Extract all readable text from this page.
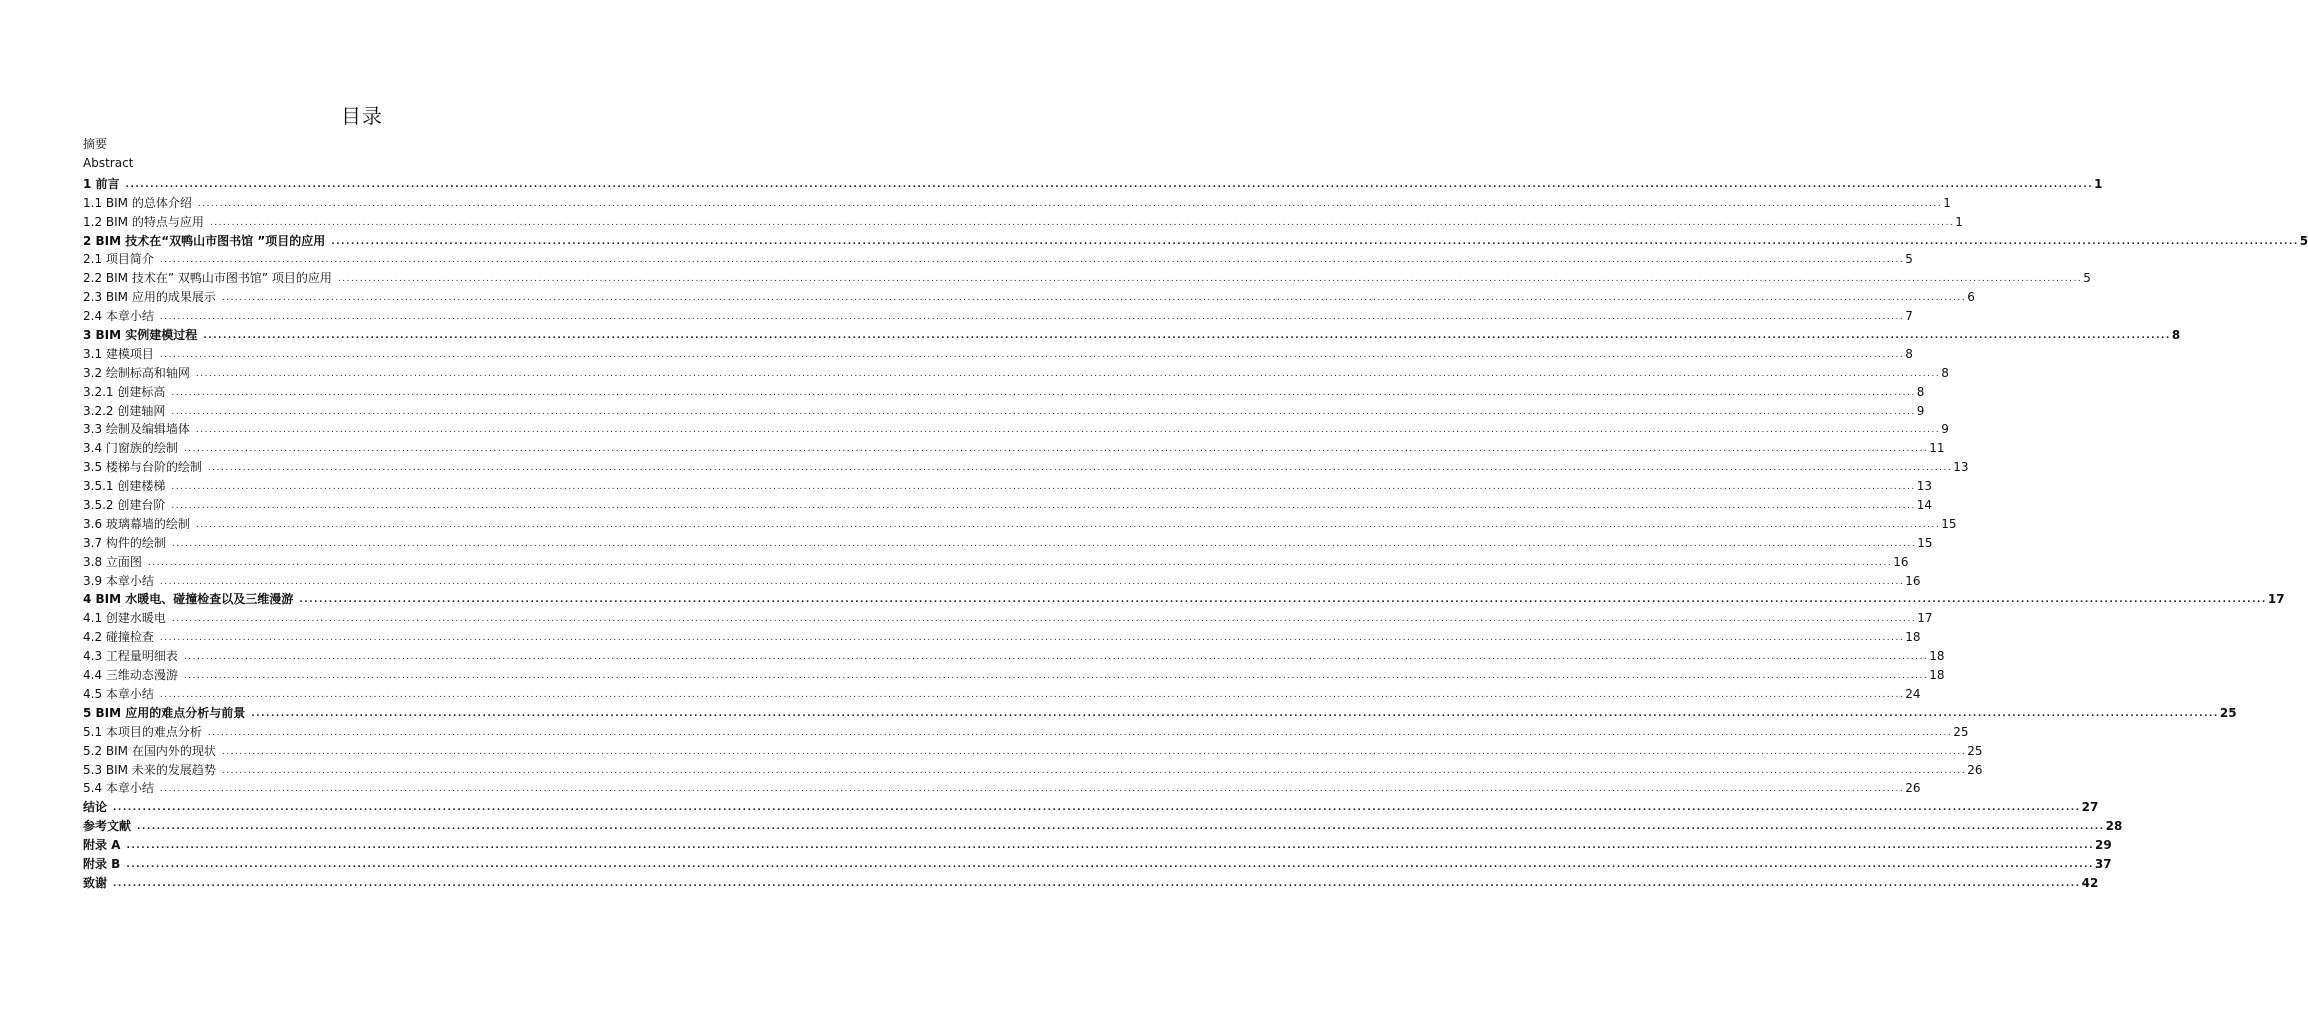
目录
摘要
Abstract
1 前言 ................................................................................................................................................................................................................................................................................................................................................................................................................ 1
1.1 BIM 的总体介绍 ................................................................................................................................................................................................................................................................................................................................................................................................................ 1
1.2 BIM 的特点与应用 ................................................................................................................................................................................................................................................................................................................................................................................................................ 1
2 BIM 技术在“双鸭山市图书馆 ”项目的应用 ................................................................................................................................................................................................................................................................................................................................................................................................................ 5
2.1 项目简介 ................................................................................................................................................................................................................................................................................................................................................................................................................ 5
2.2 BIM 技术在” 双鸭山市图书馆” 项目的应用 ................................................................................................................................................................................................................................................................................................................................................................................................................ 5
2.3 BIM 应用的成果展示 ................................................................................................................................................................................................................................................................................................................................................................................................................ 6
2.4 本章小结 ................................................................................................................................................................................................................................................................................................................................................................................................................ 7
3 BIM 实例建模过程 ................................................................................................................................................................................................................................................................................................................................................................................................................ 8
3.1 建模项目 ................................................................................................................................................................................................................................................................................................................................................................................................................ 8
3.2 绘制标高和轴网 ................................................................................................................................................................................................................................................................................................................................................................................................................ 8
3.2.1 创建标高 ................................................................................................................................................................................................................................................................................................................................................................................................................ 8
3.2.2 创建轴网 ................................................................................................................................................................................................................................................................................................................................................................................................................ 9
3.3 绘制及编辑墙体 ................................................................................................................................................................................................................................................................................................................................................................................................................ 9
3.4 门窗族的绘制 ................................................................................................................................................................................................................................................................................................................................................................................................................ 11
3.5 楼梯与台阶的绘制 ................................................................................................................................................................................................................................................................................................................................................................................................................ 13
3.5.1 创建楼梯 ................................................................................................................................................................................................................................................................................................................................................................................................................ 13
3.5.2 创建台阶 ................................................................................................................................................................................................................................................................................................................................................................................................................ 14
3.6 玻璃幕墙的绘制 ................................................................................................................................................................................................................................................................................................................................................................................................................ 15
3.7 构件的绘制 ................................................................................................................................................................................................................................................................................................................................................................................................................ 15
3.8 立面图 ................................................................................................................................................................................................................................................................................................................................................................................................................ 16
3.9 本章小结 ................................................................................................................................................................................................................................................................................................................................................................................................................ 16
4 BIM 水暖电、碰撞检查以及三维漫游 ................................................................................................................................................................................................................................................................................................................................................................................................................ 17
4.1 创建水暖电 ................................................................................................................................................................................................................................................................................................................................................................................................................ 17
4.2 碰撞检查 ................................................................................................................................................................................................................................................................................................................................................................................................................ 18
4.3 工程量明细表 ................................................................................................................................................................................................................................................................................................................................................................................................................ 18
4.4 三维动态漫游 ................................................................................................................................................................................................................................................................................................................................................................................................................ 18
4.5 本章小结 ................................................................................................................................................................................................................................................................................................................................................................................................................ 24
5 BIM 应用的难点分析与前景 ................................................................................................................................................................................................................................................................................................................................................................................................................ 25
5.1 本项目的难点分析 ................................................................................................................................................................................................................................................................................................................................................................................................................ 25
5.2 BIM 在国内外的现状 ................................................................................................................................................................................................................................................................................................................................................................................................................ 25
5.3 BIM 未来的发展趋势 ................................................................................................................................................................................................................................................................................................................................................................................................................ 26
5.4 本章小结 ................................................................................................................................................................................................................................................................................................................................................................................................................ 26
结论 ................................................................................................................................................................................................................................................................................................................................................................................................................ 27
参考文献 ................................................................................................................................................................................................................................................................................................................................................................................................................ 28
附录 A ................................................................................................................................................................................................................................................................................................................................................................................................................ 29
附录 B ................................................................................................................................................................................................................................................................................................................................................................................................................ 37
致谢 ................................................................................................................................................................................................................................................................................................................................................................................................................ 42
